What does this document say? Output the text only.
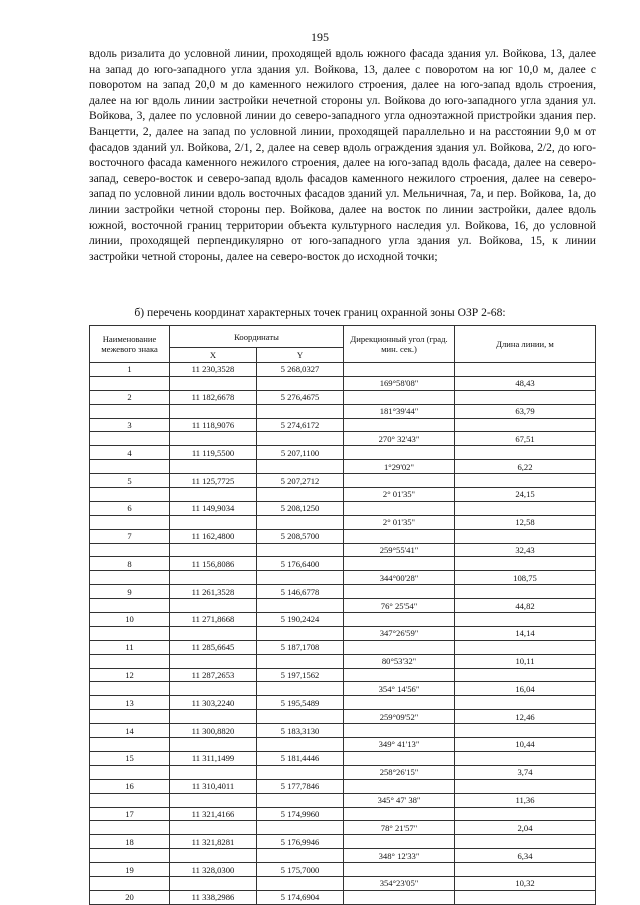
195

вдоль ризалита до условной линии, проходящей вдоль южного фасада здания ул. Войкова, 13, далее на запад до юго-западного угла здания ул. Войкова, 13, далее с поворотом на юг 10,0 м, далее с поворотом на запад 20,0 м до каменного нежилого строения, далее на юго-запад вдоль строения, далее на юг вдоль линии застройки нечетной стороны ул. Войкова до юго-западного угла здания ул. Войкова, 3, далее по условной линии до северо-западного угла одноэтажной пристройки здания пер. Ванцетти, 2, далее на запад по условной линии, проходящей параллельно и на расстоянии 9,0 м от фасадов зданий ул. Войкова, 2/1, 2, далее на север вдоль ограждения здания ул. Войкова, 2/2, до юго-восточного фасада каменного нежилого строения, далее на юго-запад вдоль фасада, далее на северо-запад, северо-восток и северо-запад вдоль фасадов каменного нежилого строения, далее на северо-запад по условной линии вдоль восточных фасадов зданий ул. Мельничная, 7а, и пер. Войкова, 1а, до линии застройки четной стороны пер. Войкова, далее на восток по линии застройки, далее вдоль южной, восточной границ территории объекта культурного наследия ул. Войкова, 16, до условной линии, проходящей перпендикулярно от юго-западного угла здания ул. Войкова, 15, к линии застройки четной стороны, далее на северо-восток до исходной точки;

б) перечень координат характерных точек границ охранной зоны ОЗР 2-68:
Наименование межевого знака	Координаты		Дирекционный угол (град. мин. сек.)	Длина линии, м
	X	Y		
1	11 230,3528	5 268,0327		
			169°58'08"	48,43
2	11 182,6678	5 276,4675		
			181°39'44"	63,79
3	11 118,9076	5 274,6172		
			270° 32'43"	67,51
4	11 119,5500	5 207,1100		
			1°29'02"	6,22
5	11 125,7725	5 207,2712		
			2° 01'35"	24,15
6	11 149,9034	5 208,1250		
			2° 01'35"	12,58
7	11 162,4800	5 208,5700		
			259°55'41"	32,43
8	11 156,8086	5 176,6400		
			344°00'28"	108,75
9	11 261,3528	5 146,6778		
			76° 25'54"	44,82
10	11 271,8668	5 190,2424		
			347°26'59"	14,14
11	11 285,6645	5 187,1708		
			80°53'32"	10,11
12	11 287,2653	5 197,1562		
			354° 14'56"	16,04
13	11 303,2240	5 195,5489		
			259°09'52"	12,46
14	11 300,8820	5 183,3130		
			349° 41'13"	10,44
15	11 311,1499	5 181,4446		
			258°26'15"	3,74
16	11 310,4011	5 177,7846		
			345° 47' 38"	11,36
17	11 321,4166	5 174,9960		
			78° 21'57"	2,04
18	11 321,8281	5 176,9946		
			348° 12'33"	6,34
19	11 328,0300	5 175,7000		
			354°23'05"	10,32
20	11 338,2986	5 174,6904		
